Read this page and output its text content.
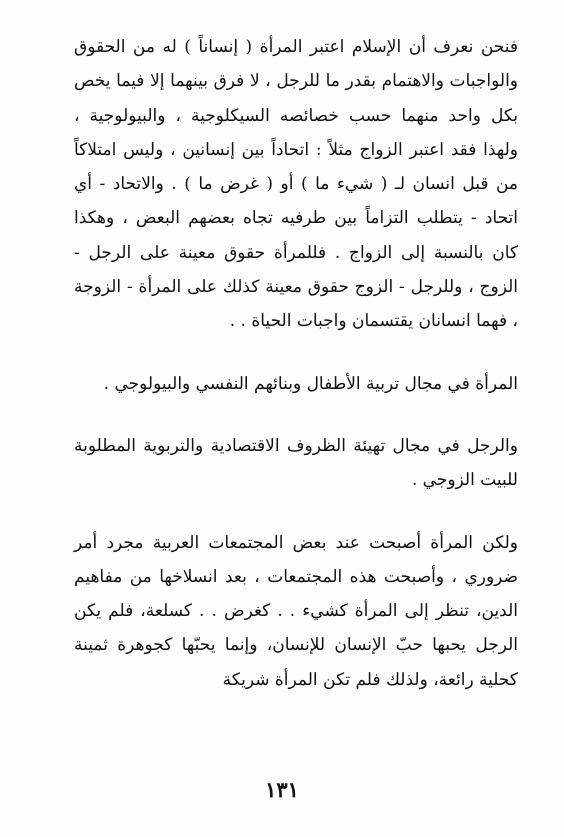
فنحن نعرف أن الإسلام اعتبر المرأة ( إنساناً ) له من الحقوق والواجبات والاهتمام بقدر ما للرجل ، لا فرق بينهما إلا فيما يخص بكل واحد منهما حسب خصائصه السيكلوجية ، والبيولوجية ، ولهذا فقد اعتبر الزواج مثلاً : اتحاداً بين إنسانين ، وليس امتلاكاً من قبل انسان لـ ( شيء ما ) أو ( غرض ما ) . والاتحاد - أي اتحاد - يتطلب التزاماً بين طرفيه تجاه بعضهم البعض ، وهكذا كان بالنسبة إلى الزواج . فللمرأة حقوق معينة على الرجل - الزوج ، وللرجل - الزوج حقوق معينة كذلك على المرأة - الزوجة ، فهما انسانان يقتسمان واجبات الحياة . .

المرأة في مجال تربية الأطفال وبنائهم النفسي والبيولوجي .

والرجل في مجال تهيئة الظروف الاقتصادية والتربوية المطلوبة للبيت الزوجي .

ولكن المرأة أصبحت عند بعض المجتمعات العربية مجرد أمر ضروري ، وأصبحت هذه المجتمعات ، بعد انسلاخها من مفاهيم الدين، تنظر إلى المرأة كشيء . . كغرض . . كسلعة، فلم يكن الرجل يحبها حبّ الإنسان للإنسان، وإنما يحبّها كجوهرة ثمينة كحلية رائعة، ولذلك فلم تكن المرأة شريكة

١٣١
